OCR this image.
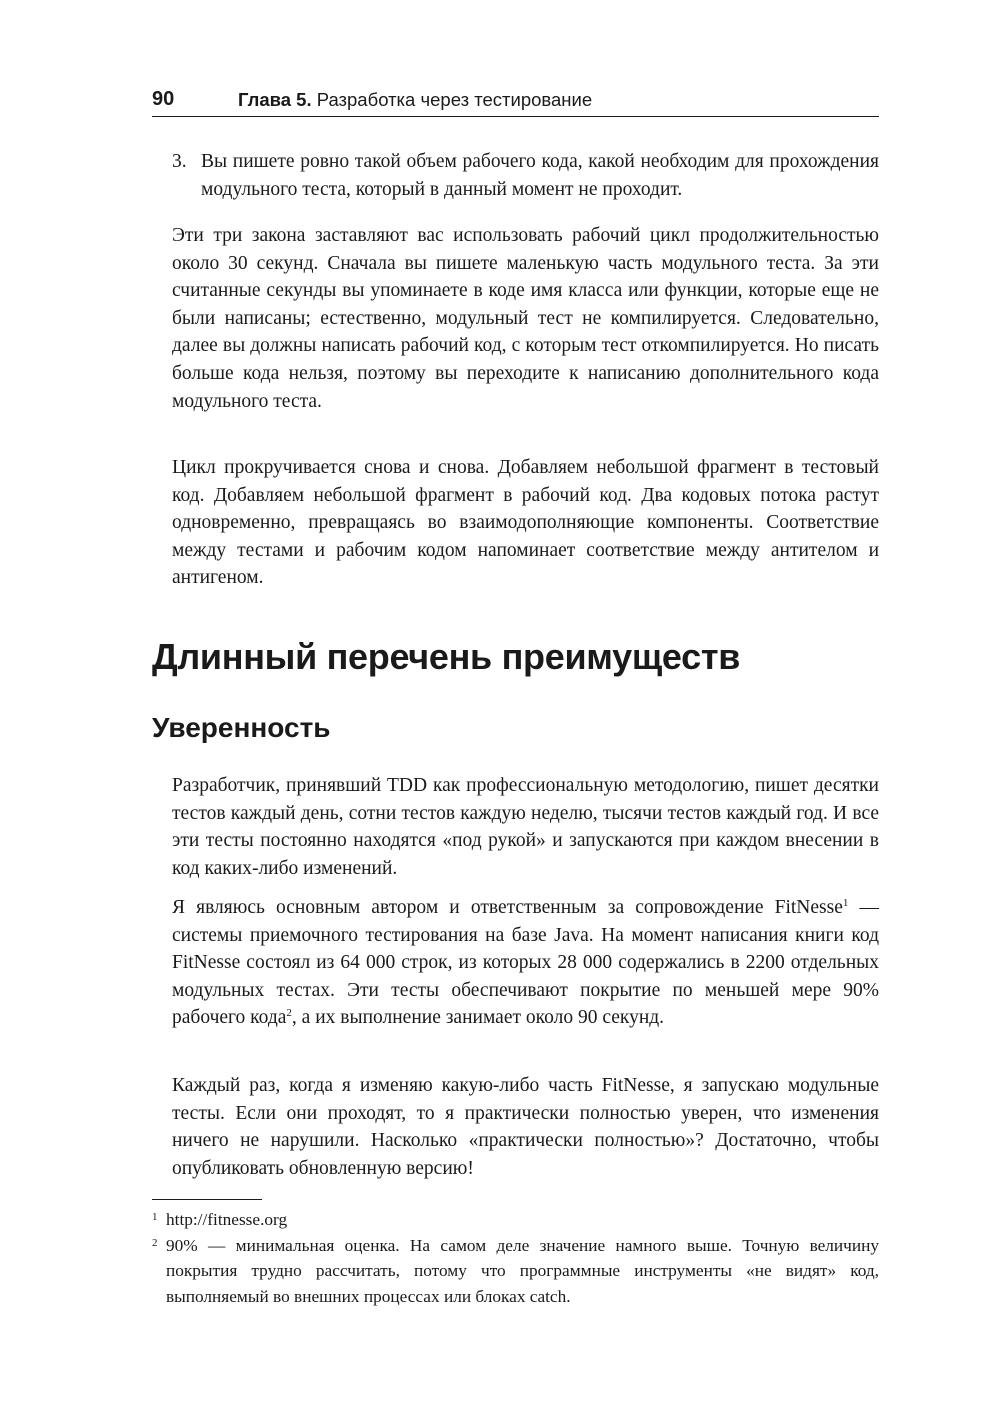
90	Глава 5. Разработка через тестирование
3. Вы пишете ровно такой объем рабочего кода, какой необходим для прохождения модульного теста, который в данный момент не проходит.

Эти три закона заставляют вас использовать рабочий цикл продолжительностью около 30 секунд. Сначала вы пишете маленькую часть модульного теста. За эти считанные секунды вы упоминаете в коде имя класса или функции, которые еще не были написаны; естественно, модульный тест не компилируется. Следовательно, далее вы должны написать рабочий код, с которым тест откомпилируется. Но писать больше кода нельзя, поэтому вы переходите к написанию дополнительного кода модульного теста.

Цикл прокручивается снова и снова. Добавляем небольшой фрагмент в тестовый код. Добавляем небольшой фрагмент в рабочий код. Два кодовых потока растут одновременно, превращаясь во взаимодополняющие компоненты. Соответствие между тестами и рабочим кодом напоминает соответствие между антителом и антигеном.

Длинный перечень преимуществ
Уверенность

Разработчик, принявший TDD как профессиональную методологию, пишет десятки тестов каждый день, сотни тестов каждую неделю, тысячи тестов каждый год. И все эти тесты постоянно находятся «под рукой» и запускаются при каждом внесении в код каких-либо изменений.

Я являюсь основным автором и ответственным за сопровождение FitNesse$^1$ — системы приемочного тестирования на базе Java. На момент написания книги код FitNesse состоял из 64 000 строк, из которых 28 000 содержались в 2200 отдельных модульных тестах. Эти тесты обеспечивают покрытие по меньшей мере 90% рабочего кода$^2$, а их выполнение занимает около 90 секунд.

Каждый раз, когда я изменяю какую-либо часть FitNesse, я запускаю модульные тесты. Если они проходят, то я практически полностью уверен, что изменения ничего не нарушили. Насколько «практически полностью»? Достаточно, чтобы опубликовать обновленную версию!

1 http://fitnesse.org
2 90% — минимальная оценка. На самом деле значение намного выше. Точную величину покрытия трудно рассчитать, потому что программные инструменты «не видят» код, выполняемый во внешних процессах или блоках catch.
